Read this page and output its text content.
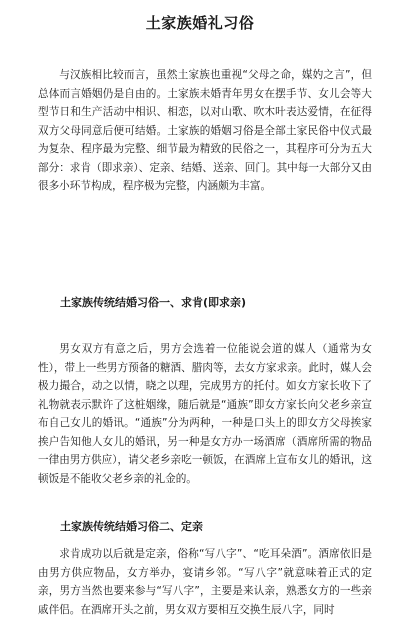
土家族婚礼习俗

与汉族相比较而言，虽然土家族也重视“父母之命，媒妁之言”，但总体而言婚姻仍是自由的。土家族未婚青年男女在摆手节、女儿会等大型节日和生产活动中相识、相恋，以对山歌、吹木叶表达爱情，在征得双方父母同意后便可结婚。土家族的婚姻习俗是全部土家民俗中仪式最为复杂、程序最为完整、细节最为精致的民俗之一，其程序可分为五大部分：求肯（即求亲）、定亲、结婚、送亲、回门。其中每一大部分又由很多小环节构成，程序极为完整，内涵颇为丰富。

土家族传统结婚习俗一、求肯(即求亲)

男女双方有意之后，男方会选着一位能说会道的媒人（通常为女性），带上一些男方预备的糖酒、腊肉等，去女方家求亲。此时，媒人会极力撮合，动之以情，晓之以理，完成男方的托付。如女方家长收下了礼物就表示默许了这桩姻缘，随后就是“通族”即女方家长向父老乡亲宣布自己女儿的婚讯。“通族”分为两种，一种是口头上的即女方父母挨家挨户告知他人女儿的婚讯，另一种是女方办一场酒席（酒席所需的物品一律由男方供应），请父老乡亲吃一顿饭，在酒席上宣布女儿的婚讯，这顿饭是不能收父老乡亲的礼金的。

土家族传统结婚习俗二、定亲

求肯成功以后就是定亲，俗称“写八字”、“吃耳朵酒”。酒席依旧是由男方供应物品，女方举办，宴请乡邻。“写八字”就意味着正式的定亲，男方当然也要来参与“写八字”，主要是来认亲，熟悉女方的一些亲戚伴侣。在酒席开头之前，男女双方要相互交换生辰八字，同时
